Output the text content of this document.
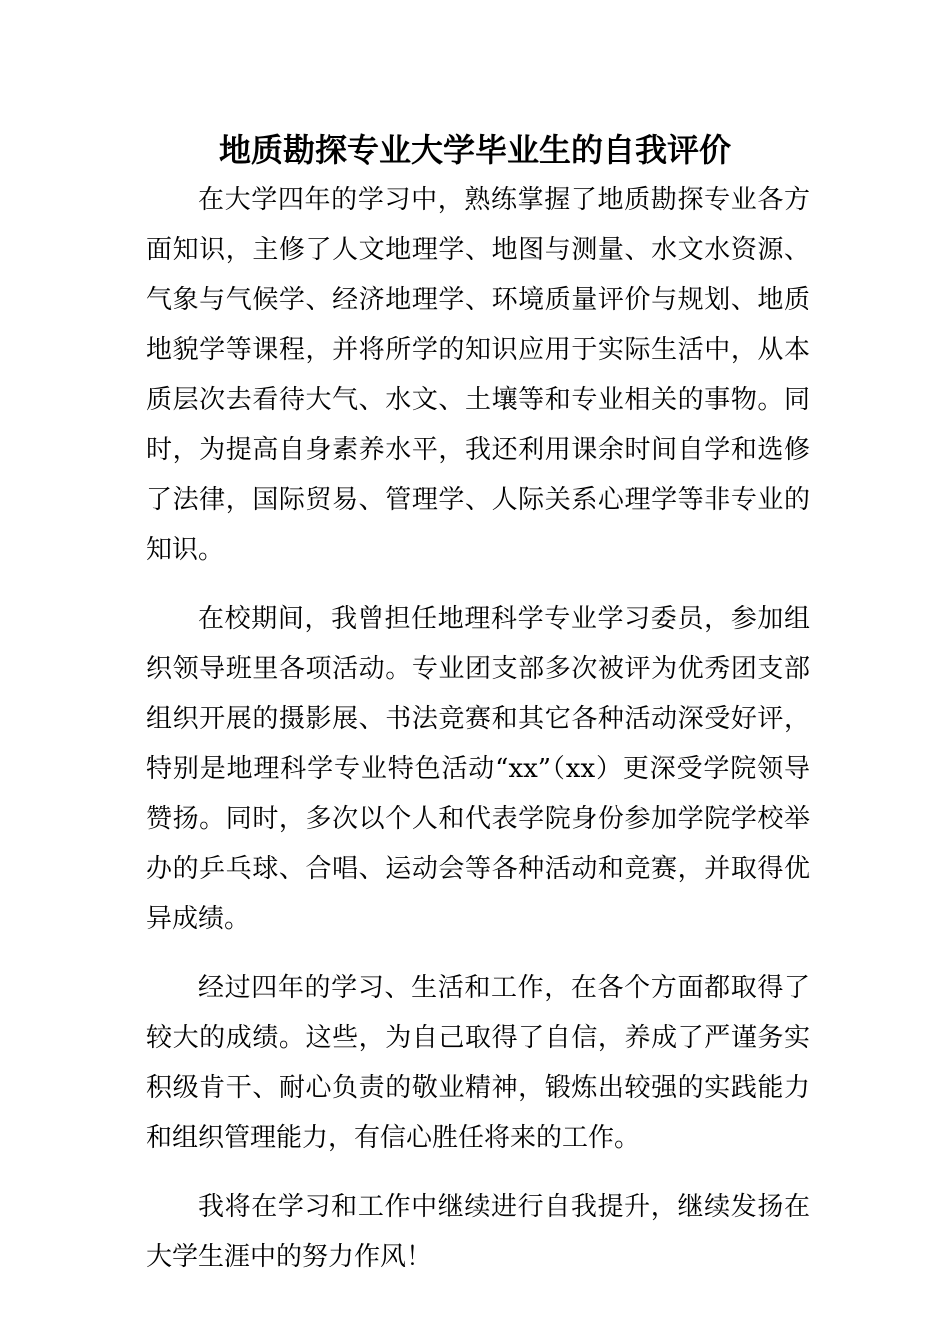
地质勘探专业大学毕业生的自我评价

在大学四年的学习中，熟练掌握了地质勘探专业各方面知识，主修了人文地理学、地图与测量、水文水资源、气象与气候学、经济地理学、环境质量评价与规划、地质地貌学等课程，并将所学的知识应用于实际生活中，从本质层次去看待大气、水文、土壤等和专业相关的事物。同时，为提高自身素养水平，我还利用课余时间自学和选修了法律，国际贸易、管理学、人际关系心理学等非专业的知识。

在校期间，我曾担任地理科学专业学习委员，参加组织领导班里各项活动。专业团支部多次被评为优秀团支部组织开展的摄影展、书法竞赛和其它各种活动深受好评，特别是地理科学专业特色活动“xx”（xx）更深受学院领导赞扬。同时，多次以个人和代表学院身份参加学院学校举办的乒乓球、合唱、运动会等各种活动和竞赛，并取得优异成绩。

经过四年的学习、生活和工作，在各个方面都取得了较大的成绩。这些，为自己取得了自信，养成了严谨务实积级肯干、耐心负责的敬业精神，锻炼出较强的实践能力和组织管理能力，有信心胜任将来的工作。

我将在学习和工作中继续进行自我提升，继续发扬在大学生涯中的努力作风！
